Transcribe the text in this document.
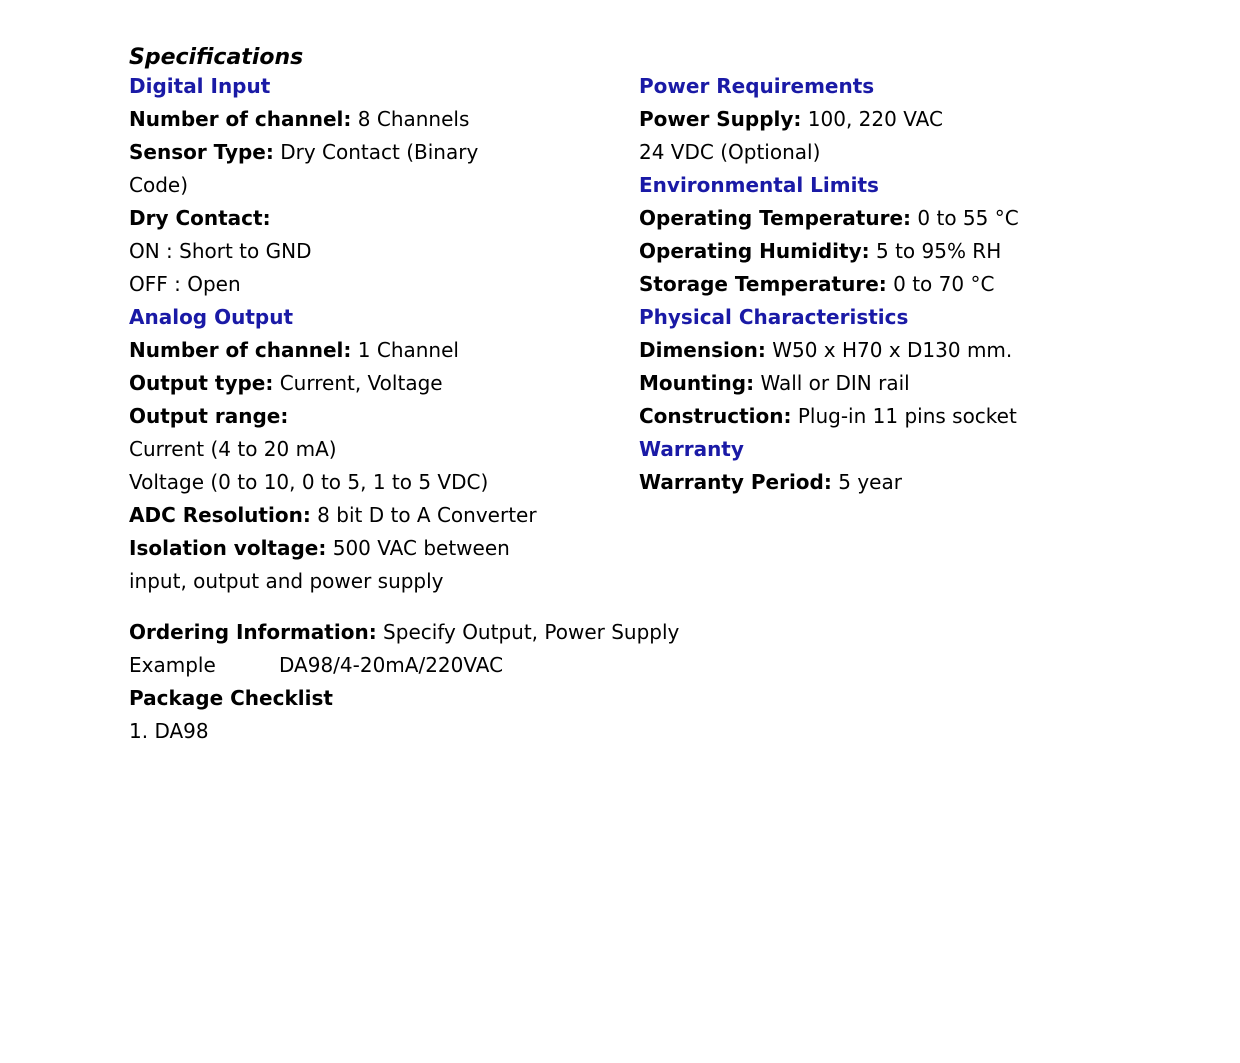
Specifications
Digital Input
Number of channel: 8 Channels
Sensor Type: Dry Contact (Binary
Code)
Dry Contact:
ON : Short to GND
OFF : Open
Analog Output
Number of channel: 1 Channel
Output type: Current, Voltage
Output range:
Current (4 to 20 mA)
Voltage (0 to 10, 0 to 5, 1 to 5 VDC)
ADC Resolution: 8 bit D to A Converter
Isolation voltage: 500 VAC between
input, output and power supply
Power Requirements
Power Supply: 100, 220 VAC
24 VDC (Optional)
Environmental Limits
Operating Temperature: 0 to 55 °C
Operating Humidity: 5 to 95% RH
Storage Temperature: 0 to 70 °C
Physical Characteristics
Dimension: W50 x H70 x D130 mm.
Mounting: Wall or DIN rail
Construction: Plug-in 11 pins socket
Warranty
Warranty Period: 5 year
Ordering Information: Specify Output, Power Supply
Example	DA98/4-20mA/220VAC
Package Checklist
1. DA98
